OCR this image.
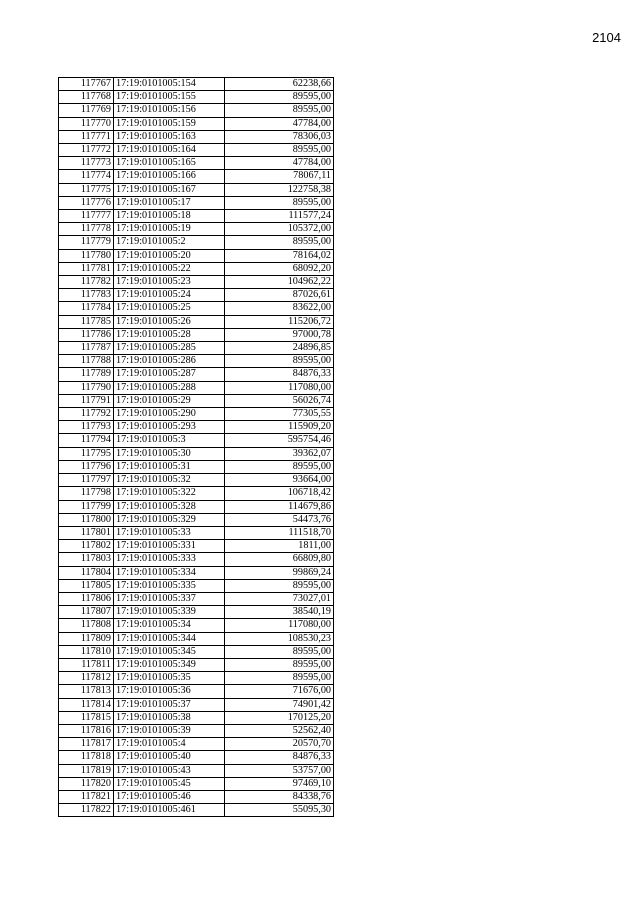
2104
117767	17:19:0101005:154	62238,66
117768	17:19:0101005:155	89595,00
117769	17:19:0101005:156	89595,00
117770	17:19:0101005:159	47784,00
117771	17:19:0101005:163	78306,03
117772	17:19:0101005:164	89595,00
117773	17:19:0101005:165	47784,00
117774	17:19:0101005:166	78067,11
117775	17:19:0101005:167	122758,38
117776	17:19:0101005:17	89595,00
117777	17:19:0101005:18	111577,24
117778	17:19:0101005:19	105372,00
117779	17:19:0101005:2	89595,00
117780	17:19:0101005:20	78164,02
117781	17:19:0101005:22	68092,20
117782	17:19:0101005:23	104962,22
117783	17:19:0101005:24	87026,61
117784	17:19:0101005:25	83622,00
117785	17:19:0101005:26	115206,72
117786	17:19:0101005:28	97000,78
117787	17:19:0101005:285	24896,85
117788	17:19:0101005:286	89595,00
117789	17:19:0101005:287	84876,33
117790	17:19:0101005:288	117080,00
117791	17:19:0101005:29	56026,74
117792	17:19:0101005:290	77305,55
117793	17:19:0101005:293	115909,20
117794	17:19:0101005:3	595754,46
117795	17:19:0101005:30	39362,07
117796	17:19:0101005:31	89595,00
117797	17:19:0101005:32	93664,00
117798	17:19:0101005:322	106718,42
117799	17:19:0101005:328	114679,86
117800	17:19:0101005:329	54473,76
117801	17:19:0101005:33	111518,70
117802	17:19:0101005:331	1811,00
117803	17:19:0101005:333	66809,80
117804	17:19:0101005:334	99869,24
117805	17:19:0101005:335	89595,00
117806	17:19:0101005:337	73027,01
117807	17:19:0101005:339	38540,19
117808	17:19:0101005:34	117080,00
117809	17:19:0101005:344	108530,23
117810	17:19:0101005:345	89595,00
117811	17:19:0101005:349	89595,00
117812	17:19:0101005:35	89595,00
117813	17:19:0101005:36	71676,00
117814	17:19:0101005:37	74901,42
117815	17:19:0101005:38	170125,20
117816	17:19:0101005:39	52562,40
117817	17:19:0101005:4	20570,70
117818	17:19:0101005:40	84876,33
117819	17:19:0101005:43	53757,00
117820	17:19:0101005:45	97469,10
117821	17:19:0101005:46	84338,76
117822	17:19:0101005:461	55095,30
